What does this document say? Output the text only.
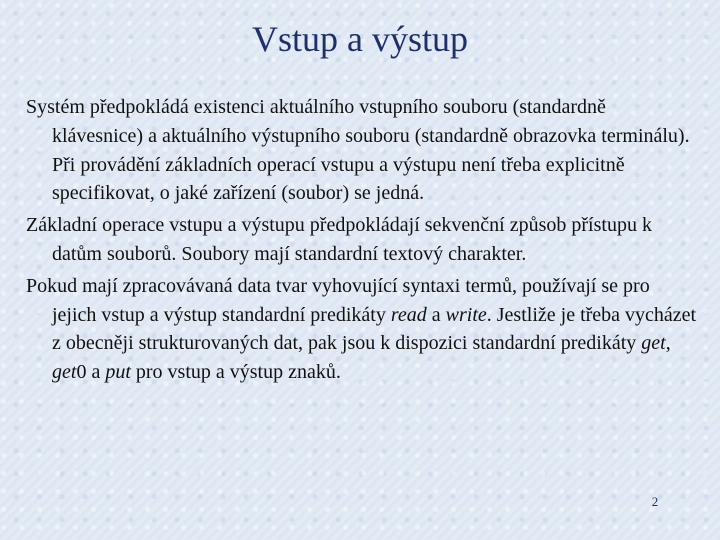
Vstup a výstup

Systém předpokládá existenci aktuálního vstupního souboru (standardně klávesnice) a aktuálního výstupního souboru (standardně obrazovka terminálu). Při provádění základních operací vstupu a výstupu není třeba explicitně specifikovat, o jaké zařízení (soubor) se jedná.

Základní operace vstupu a výstupu předpokládají sekvenční způsob přístupu k datům souborů. Soubory mají standardní textový charakter.

Pokud mají zpracovávaná data tvar vyhovující syntaxi termů, používají se pro jejich vstup a výstup standardní predikáty read a write. Jestliže je třeba vycházet z obecněji strukturovaných dat, pak jsou k dispozici standardní predikáty get, get0 a put pro vstup a výstup znaků.

2
